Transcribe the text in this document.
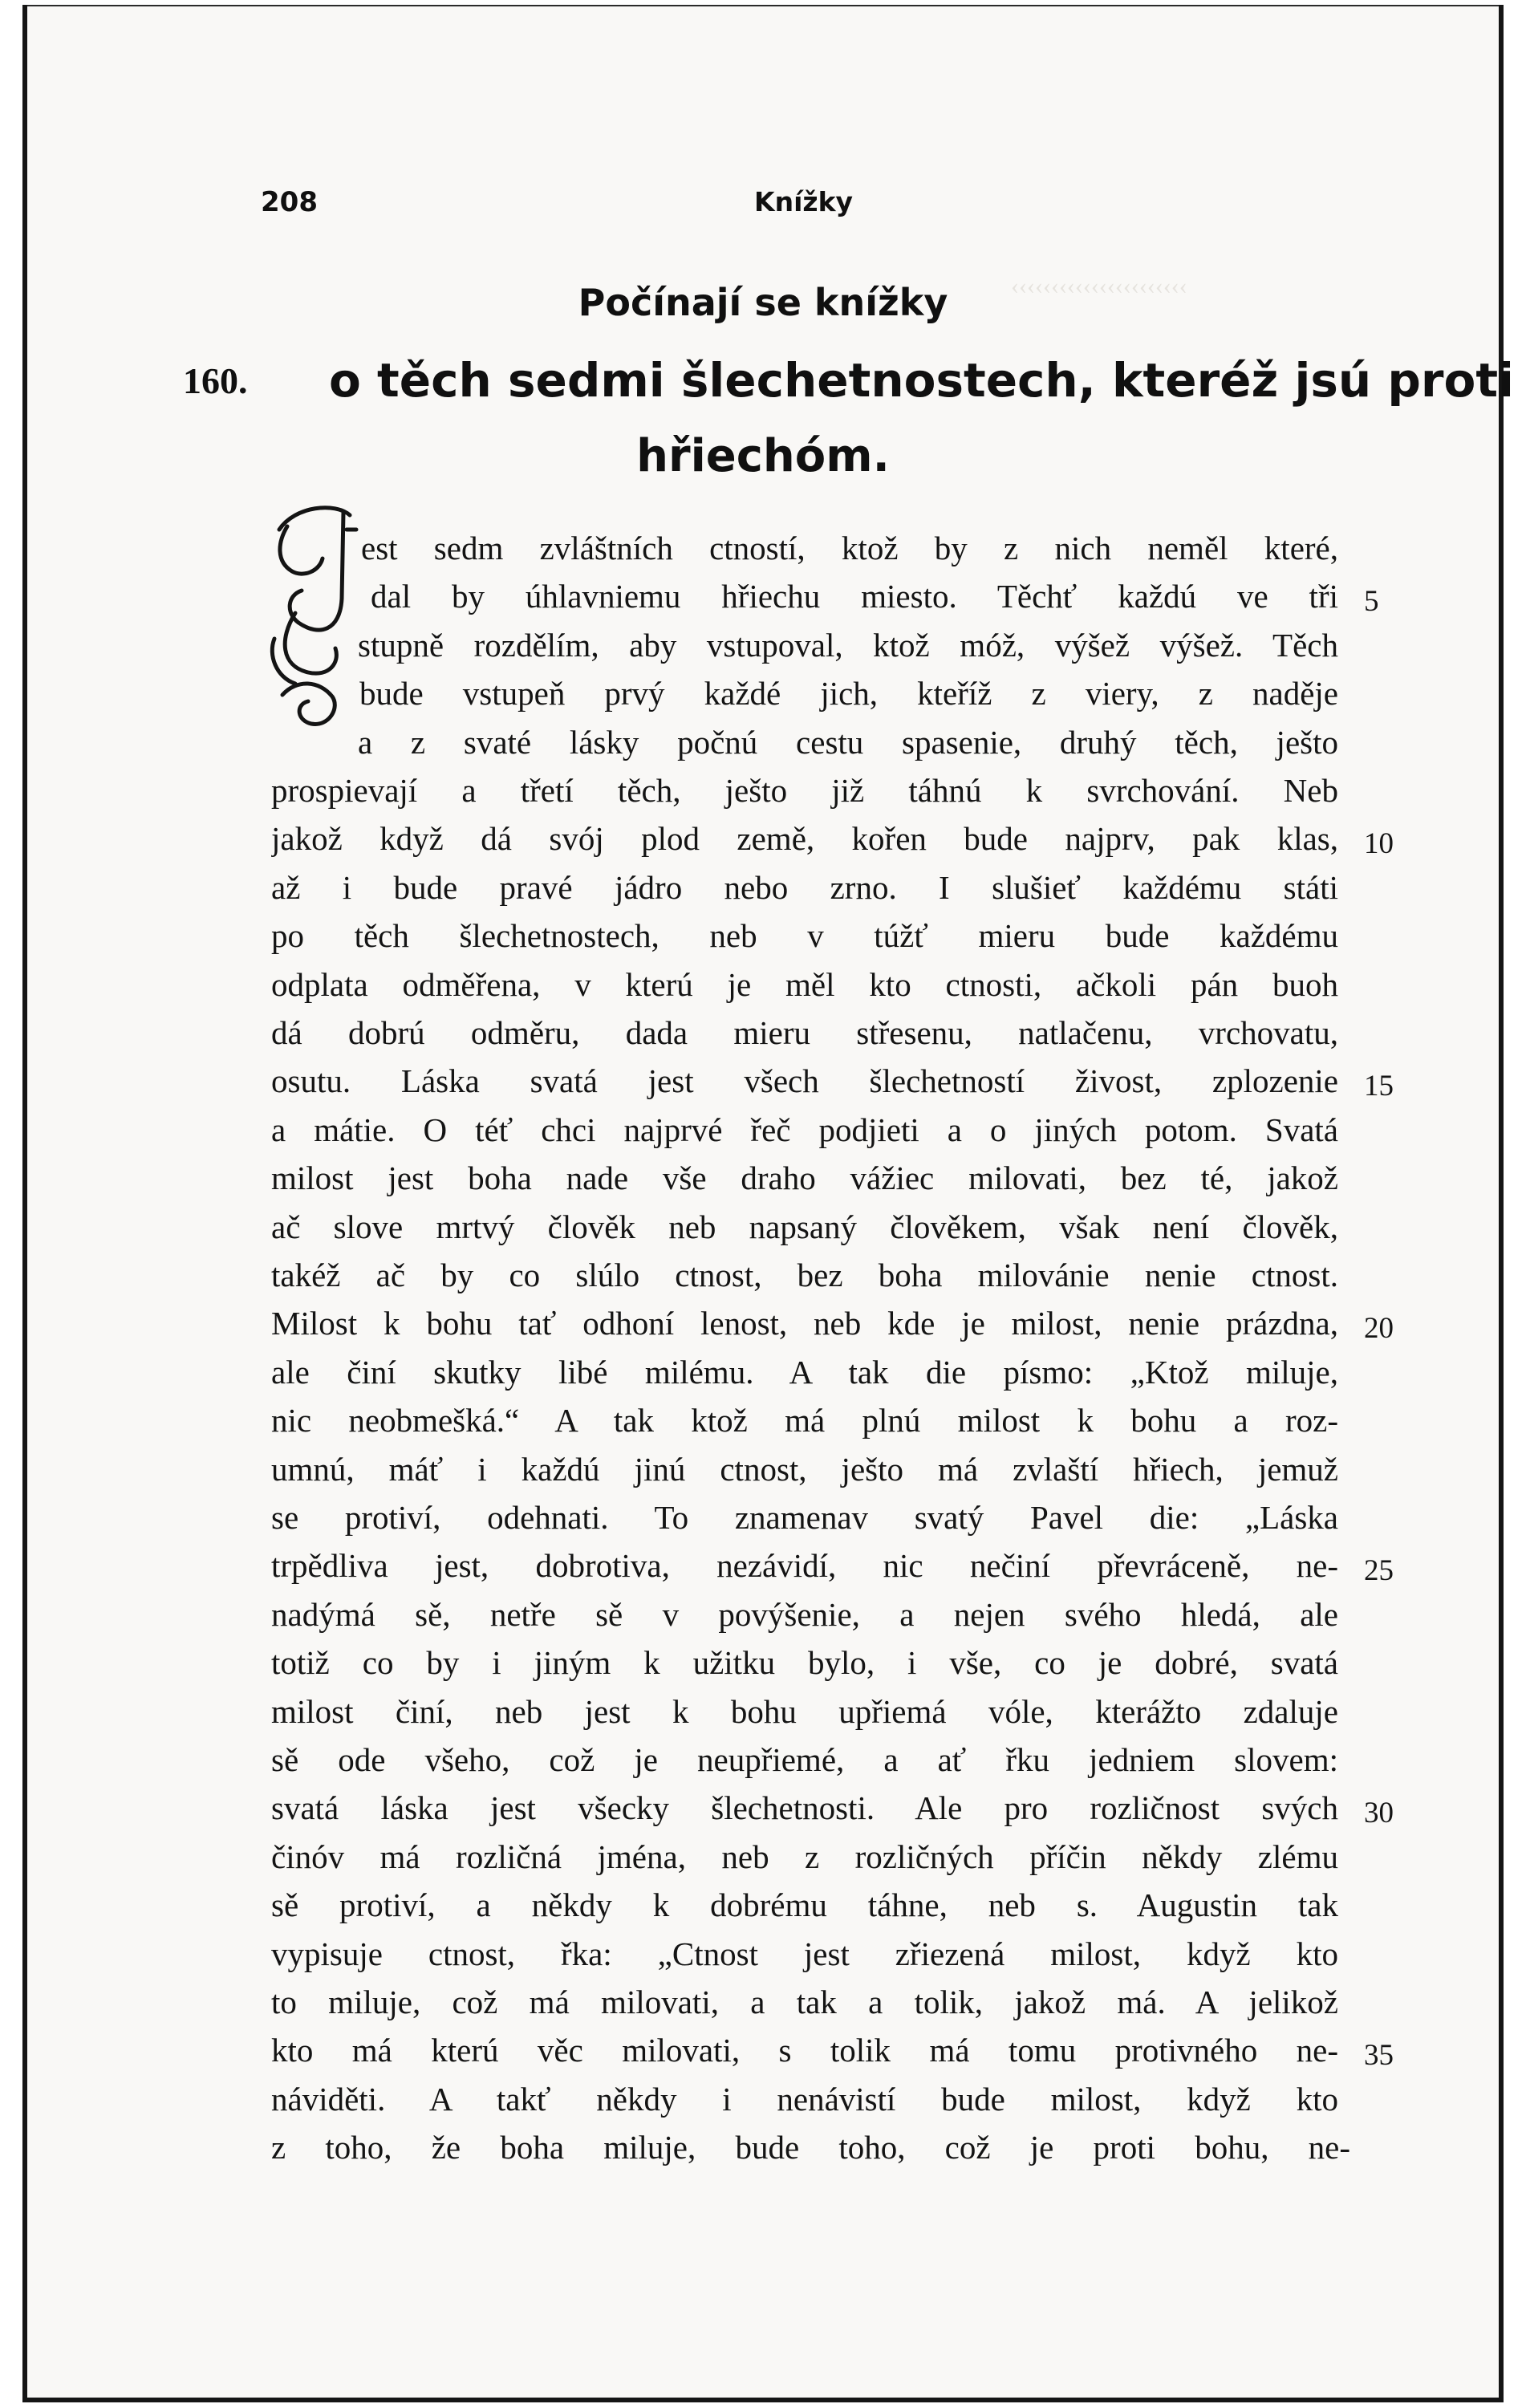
‹‹‹‹‹‹‹‹‹‹‹‹‹‹‹‹‹‹‹‹‹‹
208	Knížky
Počínají se knížky
160. o těch sedmi šlechetnostech, kteréž jsú proti
hřiechóm.
est sedm zvláštních ctností, ktož by z nich neměl které,
dal by úhlavniemu hřiechu miesto. Těchť každú ve tři
stupně rozdělím, aby vstupoval, ktož móž, výšež výšež. Těch
bude vstupeň prvý každé jich, kteříž z viery, z naděje
a z svaté lásky počnú cestu spasenie, druhý těch, ješto
prospievají a třetí těch, ješto již táhnú k svrchování. Neb
jakož když dá svój plod země, kořen bude najprv, pak klas,
až i bude pravé jádro nebo zrno. I slušieť každému státi
po těch šlechetnostech, neb v túžť mieru bude každému
odplata odměřena, v kterú je měl kto ctnosti, ačkoli pán buoh
dá dobrú odměru, dada mieru střesenu, natlačenu, vrchovatu,
osutu. Láska svatá jest všech šlechetností živost, zplozenie
a mátie. O téť chci najprvé řeč podjieti a o jiných potom. Svatá
milost jest boha nade vše draho vážiec milovati, bez té, jakož
ač slove mrtvý člověk neb napsaný člověkem, však není člověk,
takéž ač by co slúlo ctnost, bez boha milovánie nenie ctnost.
Milost k bohu tať odhoní lenost, neb kde je milost, nenie prázdna,
ale činí skutky libé milému. A tak die písmo: „Ktož miluje,
nic neobmešká.“ A tak ktož má plnú milost k bohu a roz-
umnú, máť i každú jinú ctnost, ješto má zvlaští hřiech, jemuž
se protiví, odehnati. To znamenav svatý Pavel die: „Láska
trpědliva jest, dobrotiva, nezávidí, nic nečiní převráceně, ne-
nadýmá sě, netře sě v povýšenie, a nejen svého hledá, ale
totiž co by i jiným k užitku bylo, i vše, co je dobré, svatá
milost činí, neb jest k bohu upřiemá vóle, kterážto zdaluje
sě ode všeho, což je neupřiemé, a ať řku jedniem slovem:
svatá láska jest všecky šlechetnosti. Ale pro rozličnost svých
činóv má rozličná jména, neb z rozličných příčin někdy zlému
sě protiví, a někdy k dobrému táhne, neb s. Augustin tak
vypisuje ctnost, řka: „Ctnost jest zřiezená milost, když kto
to miluje, což má milovati, a tak a tolik, jakož má. A jelikož
kto má kterú věc milovati, s tolik má tomu protivného ne-
náviděti. A takť někdy i nenávistí bude milost, když kto
z toho, že boha miluje, bude toho, což je proti bohu, ne-
5
10
15
20
25
30
35
